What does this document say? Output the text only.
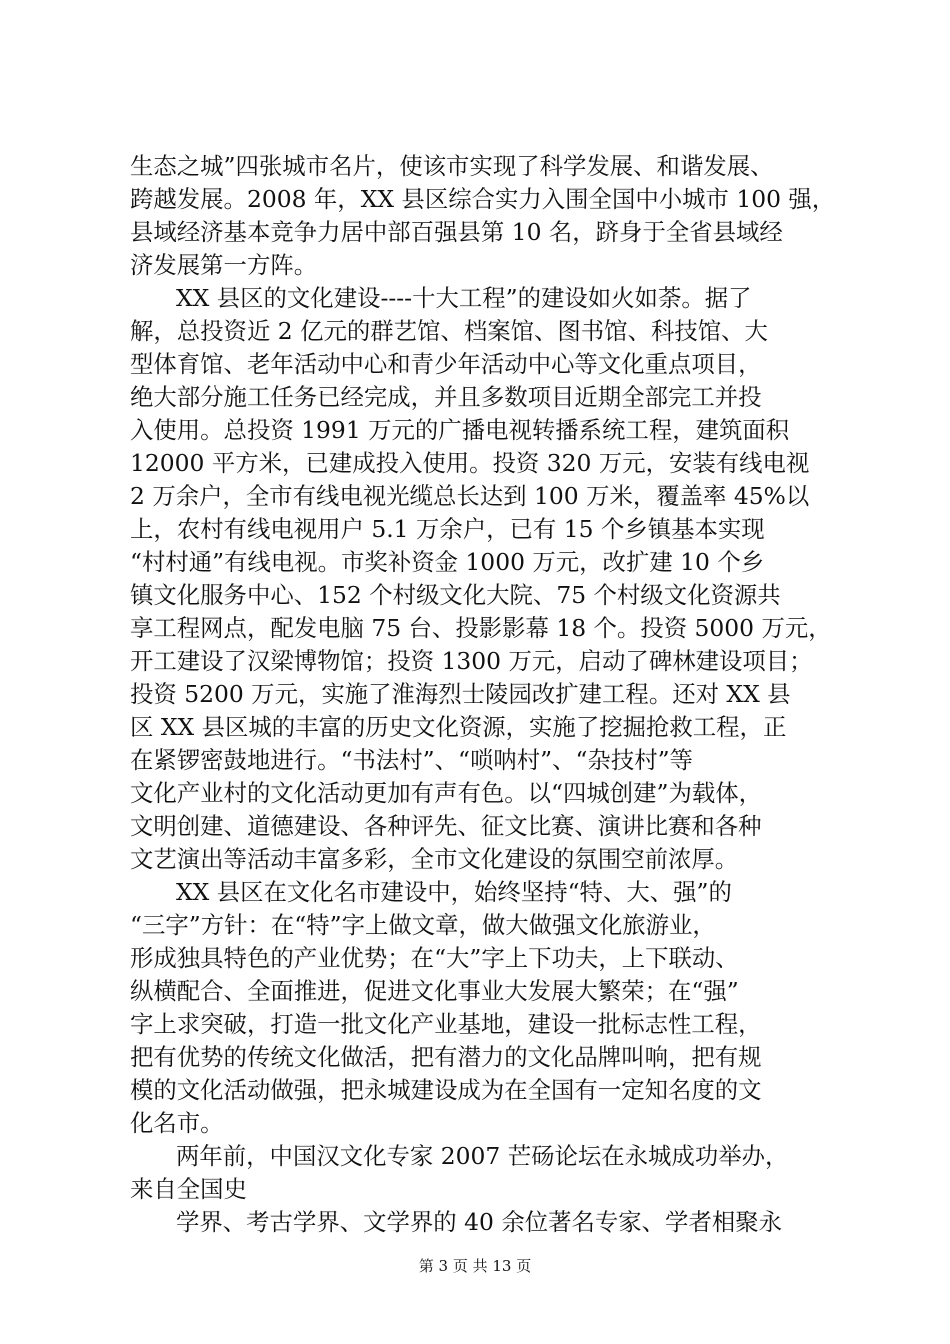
生态之城”四张城市名片，使该市实现了科学发展、和谐发展、
跨越发展。2008 年，XX 县区综合实力入围全国中小城市 100 强，
县域经济基本竞争力居中部百强县第 10 名，跻身于全省县域经
济发展第一方阵。
XX 县区的文化建设----十大工程”的建设如火如荼。据了
解，总投资近 2 亿元的群艺馆、档案馆、图书馆、科技馆、大
型体育馆、老年活动中心和青少年活动中心等文化重点项目，
绝大部分施工任务已经完成，并且多数项目近期全部完工并投
入使用。总投资 1991 万元的广播电视转播系统工程，建筑面积
12000 平方米，已建成投入使用。投资 320 万元，安装有线电视
2 万余户，全市有线电视光缆总长达到 100 万米，覆盖率 45%以
上，农村有线电视用户 5.1 万余户，已有 15 个乡镇基本实现
“村村通”有线电视。市奖补资金 1000 万元，改扩建 10 个乡
镇文化服务中心、152 个村级文化大院、75 个村级文化资源共
享工程网点，配发电脑 75 台、投影影幕 18 个。投资 5000 万元，
开工建设了汉梁博物馆；投资 1300 万元，启动了碑林建设项目；
投资 5200 万元，实施了淮海烈士陵园改扩建工程。还对 XX 县
区 XX 县区城的丰富的历史文化资源，实施了挖掘抢救工程，正
在紧锣密鼓地进行。“书法村”、“唢呐村”、“杂技村”等
文化产业村的文化活动更加有声有色。以“四城创建”为载体，
文明创建、道德建设、各种评先、征文比赛、演讲比赛和各种
文艺演出等活动丰富多彩，全市文化建设的氛围空前浓厚。
XX 县区在文化名市建设中，始终坚持“特、大、强”的
“三字”方针：在“特”字上做文章，做大做强文化旅游业，
形成独具特色的产业优势；在“大”字上下功夫，上下联动、
纵横配合、全面推进，促进文化事业大发展大繁荣；在“强”
字上求突破，打造一批文化产业基地，建设一批标志性工程，
把有优势的传统文化做活，把有潜力的文化品牌叫响，把有规
模的文化活动做强，把永城建设成为在全国有一定知名度的文
化名市。
两年前，中国汉文化专家 2007 芒砀论坛在永城成功举办，
来自全国史
学界、考古学界、文学界的 40 余位著名专家、学者相聚永
第 3 页 共 13 页
